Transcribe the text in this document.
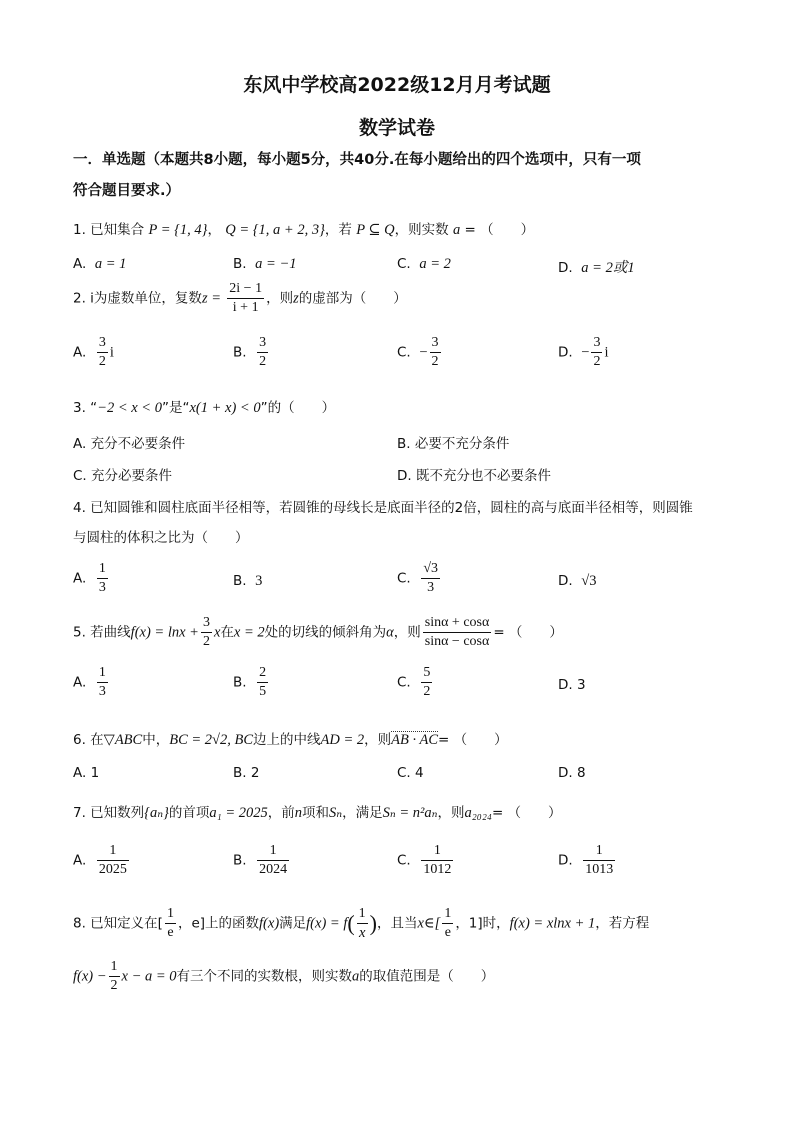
东风中学校高2022级12月月考试题
数学试卷
一．单选题（本题共8小题，每小题5分，共40分.在每小题给出的四个选项中，只有一项
符合题目要求.）
1. 已知集合 P = {1, 4}， Q = {1, a + 2, 3}，若 P ⊆ Q，则实数 a = （　　）
A. a = 1	B. a = −1	C. a = 2	D. a = 2或1
2. i为虚数单位，复数$z = \frac{2i - 1}{i + 1}$ ，则z的虚部为（　　）
A. $\frac{3}{2}$ i	B. $\frac{3}{2}$	C. − $\frac{3}{2}$	D. − $\frac{3}{2}$ i
3. “−2 < x < 0”是“x(1 + x) < 0”的（　　）
A. 充分不必要条件	B. 必要不充分条件
C. 充分必要条件	D. 既不充分也不必要条件
4. 已知圆锥和圆柱底面半径相等，若圆锥的母线长是底面半径的2倍，圆柱的高与底面半径相等，则圆锥
与圆柱的体积之比为（　　）
A. $\frac{1}{3}$	B. 3	C. $\frac{√3}{3}$	D. √3
5. 若曲线$f(x) = \ln x + \frac{3}{2}$ x在x = 2处的切线的倾斜角为α，则 $\frac{\sin\alpha + \cos\alpha}{\sin\alpha - \cos\alpha}$ = （　　）
A. $\frac{1}{3}$	B. $\frac{2}{5}$	C. $\frac{5}{2}$	D. 3
6. 在▽ABC中，BC = 2√2, BC边上的中线AD = 2，则AB · AC= （　　）
A. 1	B. 2	C. 4	D. 8
7. 已知数列{aₙ}的首项a₁ = 2025，前n项和Sₙ，满足Sₙ = n²aₙ，则a₂₀₂₄= （　　）
A. $\frac{1}{2025}$	B. $\frac{1}{2024}$	C. $\frac{1}{1012}$	D. $\frac{1}{1013}$
8. 已知定义在[ $\frac{1}{e}$ ，e]上的函数f(x)满足$f(x) = f( \frac{1}{x}$ )，且当x∈[ $\frac{1}{e}$ ，1]时，f(x) = xlnx + 1，若方程
$f(x) - \frac{1}{2}$ x − a = 0有三个不同的实数根，则实数a的取值范围是（　　）
